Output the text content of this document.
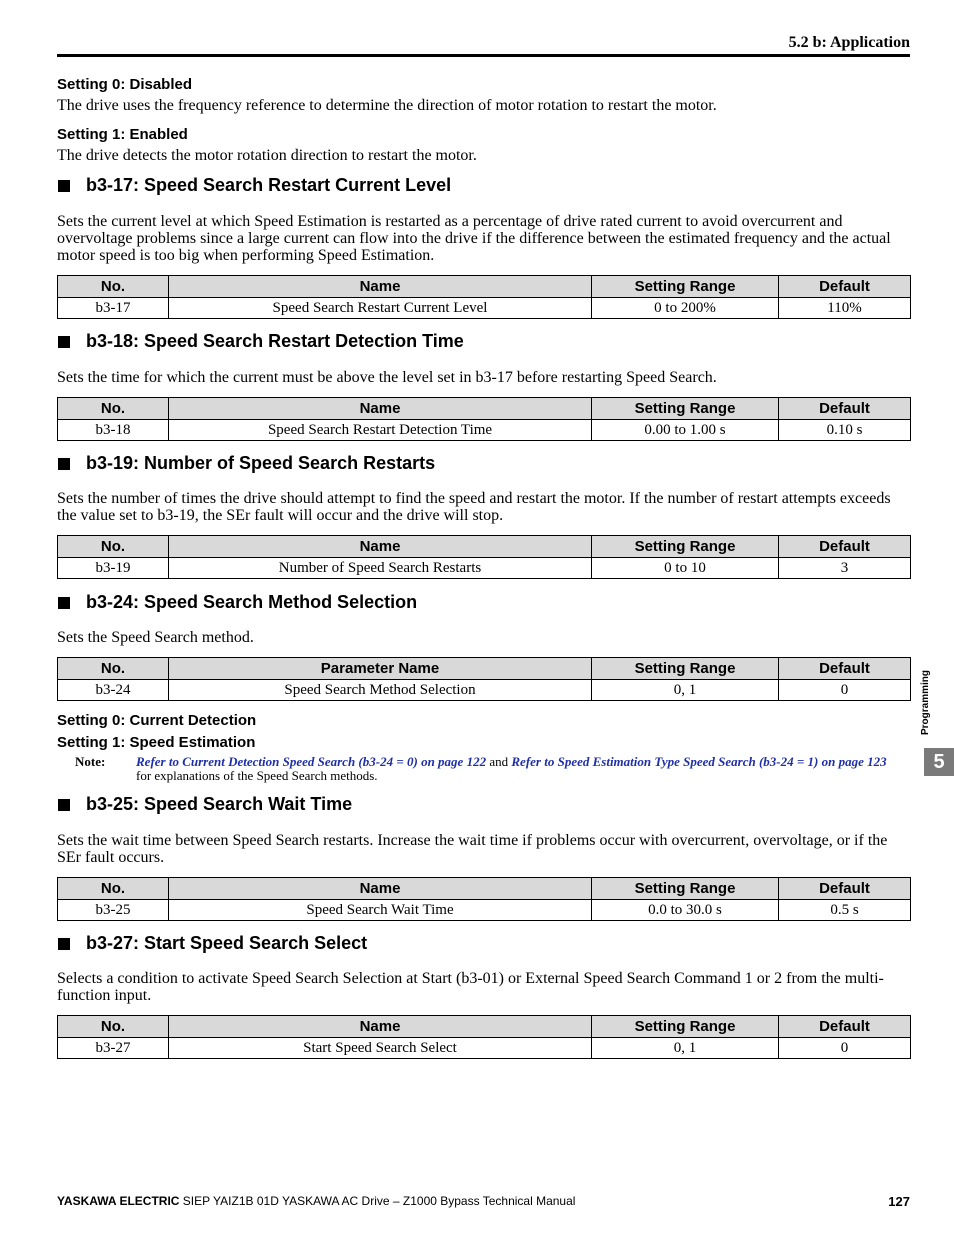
5.2 b: Application
Setting 0: Disabled
The drive uses the frequency reference to determine the direction of motor rotation to restart the motor.
Setting 1: Enabled
The drive detects the motor rotation direction to restart the motor.
b3-17: Speed Search Restart Current Level
Sets the current level at which Speed Estimation is restarted as a percentage of drive rated current to avoid overcurrent and overvoltage problems since a large current can flow into the drive if the difference between the estimated frequency and the actual motor speed is too big when performing Speed Estimation.
No.	Name	Setting Range	Default
b3-17	Speed Search Restart Current Level	0 to 200%	110%
b3-18: Speed Search Restart Detection Time
Sets the time for which the current must be above the level set in b3-17 before restarting Speed Search.
No.	Name	Setting Range	Default
b3-18	Speed Search Restart Detection Time	0.00 to 1.00 s	0.10 s
b3-19: Number of Speed Search Restarts
Sets the number of times the drive should attempt to find the speed and restart the motor. If the number of restart attempts exceeds the value set to b3-19, the SEr fault will occur and the drive will stop.
No.	Name	Setting Range	Default
b3-19	Number of Speed Search Restarts	0 to 10	3
b3-24: Speed Search Method Selection
Sets the Speed Search method.
No.	Parameter Name	Setting Range	Default
b3-24	Speed Search Method Selection	0, 1	0
Setting 0: Current Detection
Setting 1: Speed Estimation
Note: Refer to Current Detection Speed Search (b3-24 = 0) on page 122 and Refer to Speed Estimation Type Speed Search (b3-24 = 1) on page 123 for explanations of the Speed Search methods.
b3-25: Speed Search Wait Time
Sets the wait time between Speed Search restarts. Increase the wait time if problems occur with overcurrent, overvoltage, or if the SEr fault occurs.
No.	Name	Setting Range	Default
b3-25	Speed Search Wait Time	0.0 to 30.0 s	0.5 s
b3-27: Start Speed Search Select
Selects a condition to activate Speed Search Selection at Start (b3-01) or External Speed Search Command 1 or 2 from the multi-function input.
No.	Name	Setting Range	Default
b3-27	Start Speed Search Select	0, 1	0
Programming
5
YASKAWA ELECTRIC SIEP YAIZ1B 01D YASKAWA AC Drive – Z1000 Bypass Technical Manual	127
